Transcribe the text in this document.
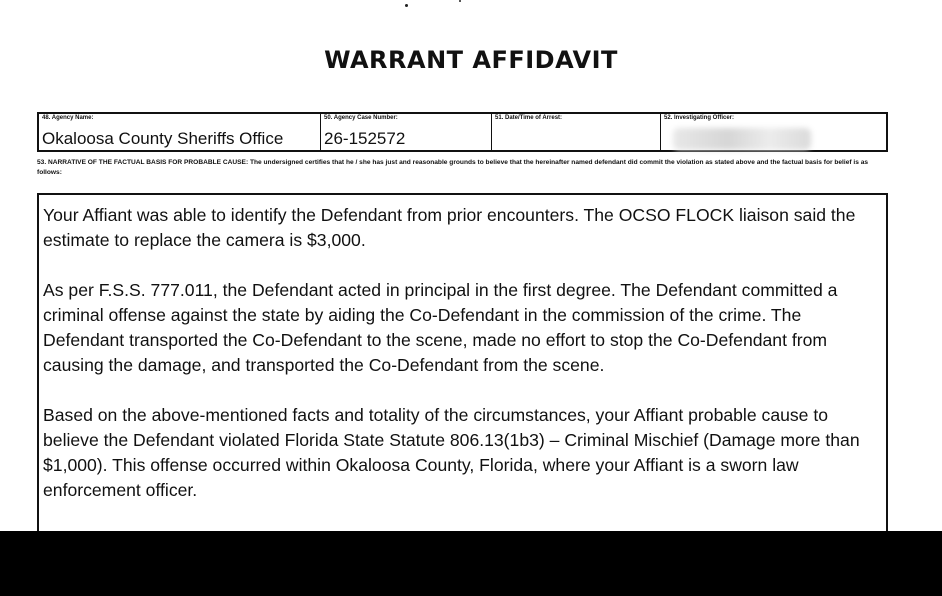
WARRANT AFFIDAVIT
48. Agency Name:
Okaloosa County Sheriffs Office
50. Agency Case Number:
26-152572
51. Date/Time of Arrest:	52. Investigating Officer:
53. NARRATIVE OF THE FACTUAL BASIS FOR PROBABLE CAUSE: The undersigned certifies that he / she has just and reasonable grounds to believe that the hereinafter named defendant did commit the violation as stated above and the factual basis for belief is as follows:

Your Affiant was able to identify the Defendant from prior encounters. The OCSO FLOCK liaison said the estimate to replace the camera is $3,000.

As per F.S.S. 777.011, the Defendant acted in principal in the first degree. The Defendant committed a criminal offense against the state by aiding the Co-Defendant in the commission of the crime. The Defendant transported the Co-Defendant to the scene, made no effort to stop the Co-Defendant from causing the damage, and transported the Co-Defendant from the scene.

Based on the above-mentioned facts and totality of the circumstances, your Affiant probable cause to believe the Defendant violated Florida State Statute 806.13(1b3) – Criminal Mischief (Damage more than $1,000). This offense occurred within Okaloosa County, Florida, where your Affiant is a sworn law enforcement officer.
